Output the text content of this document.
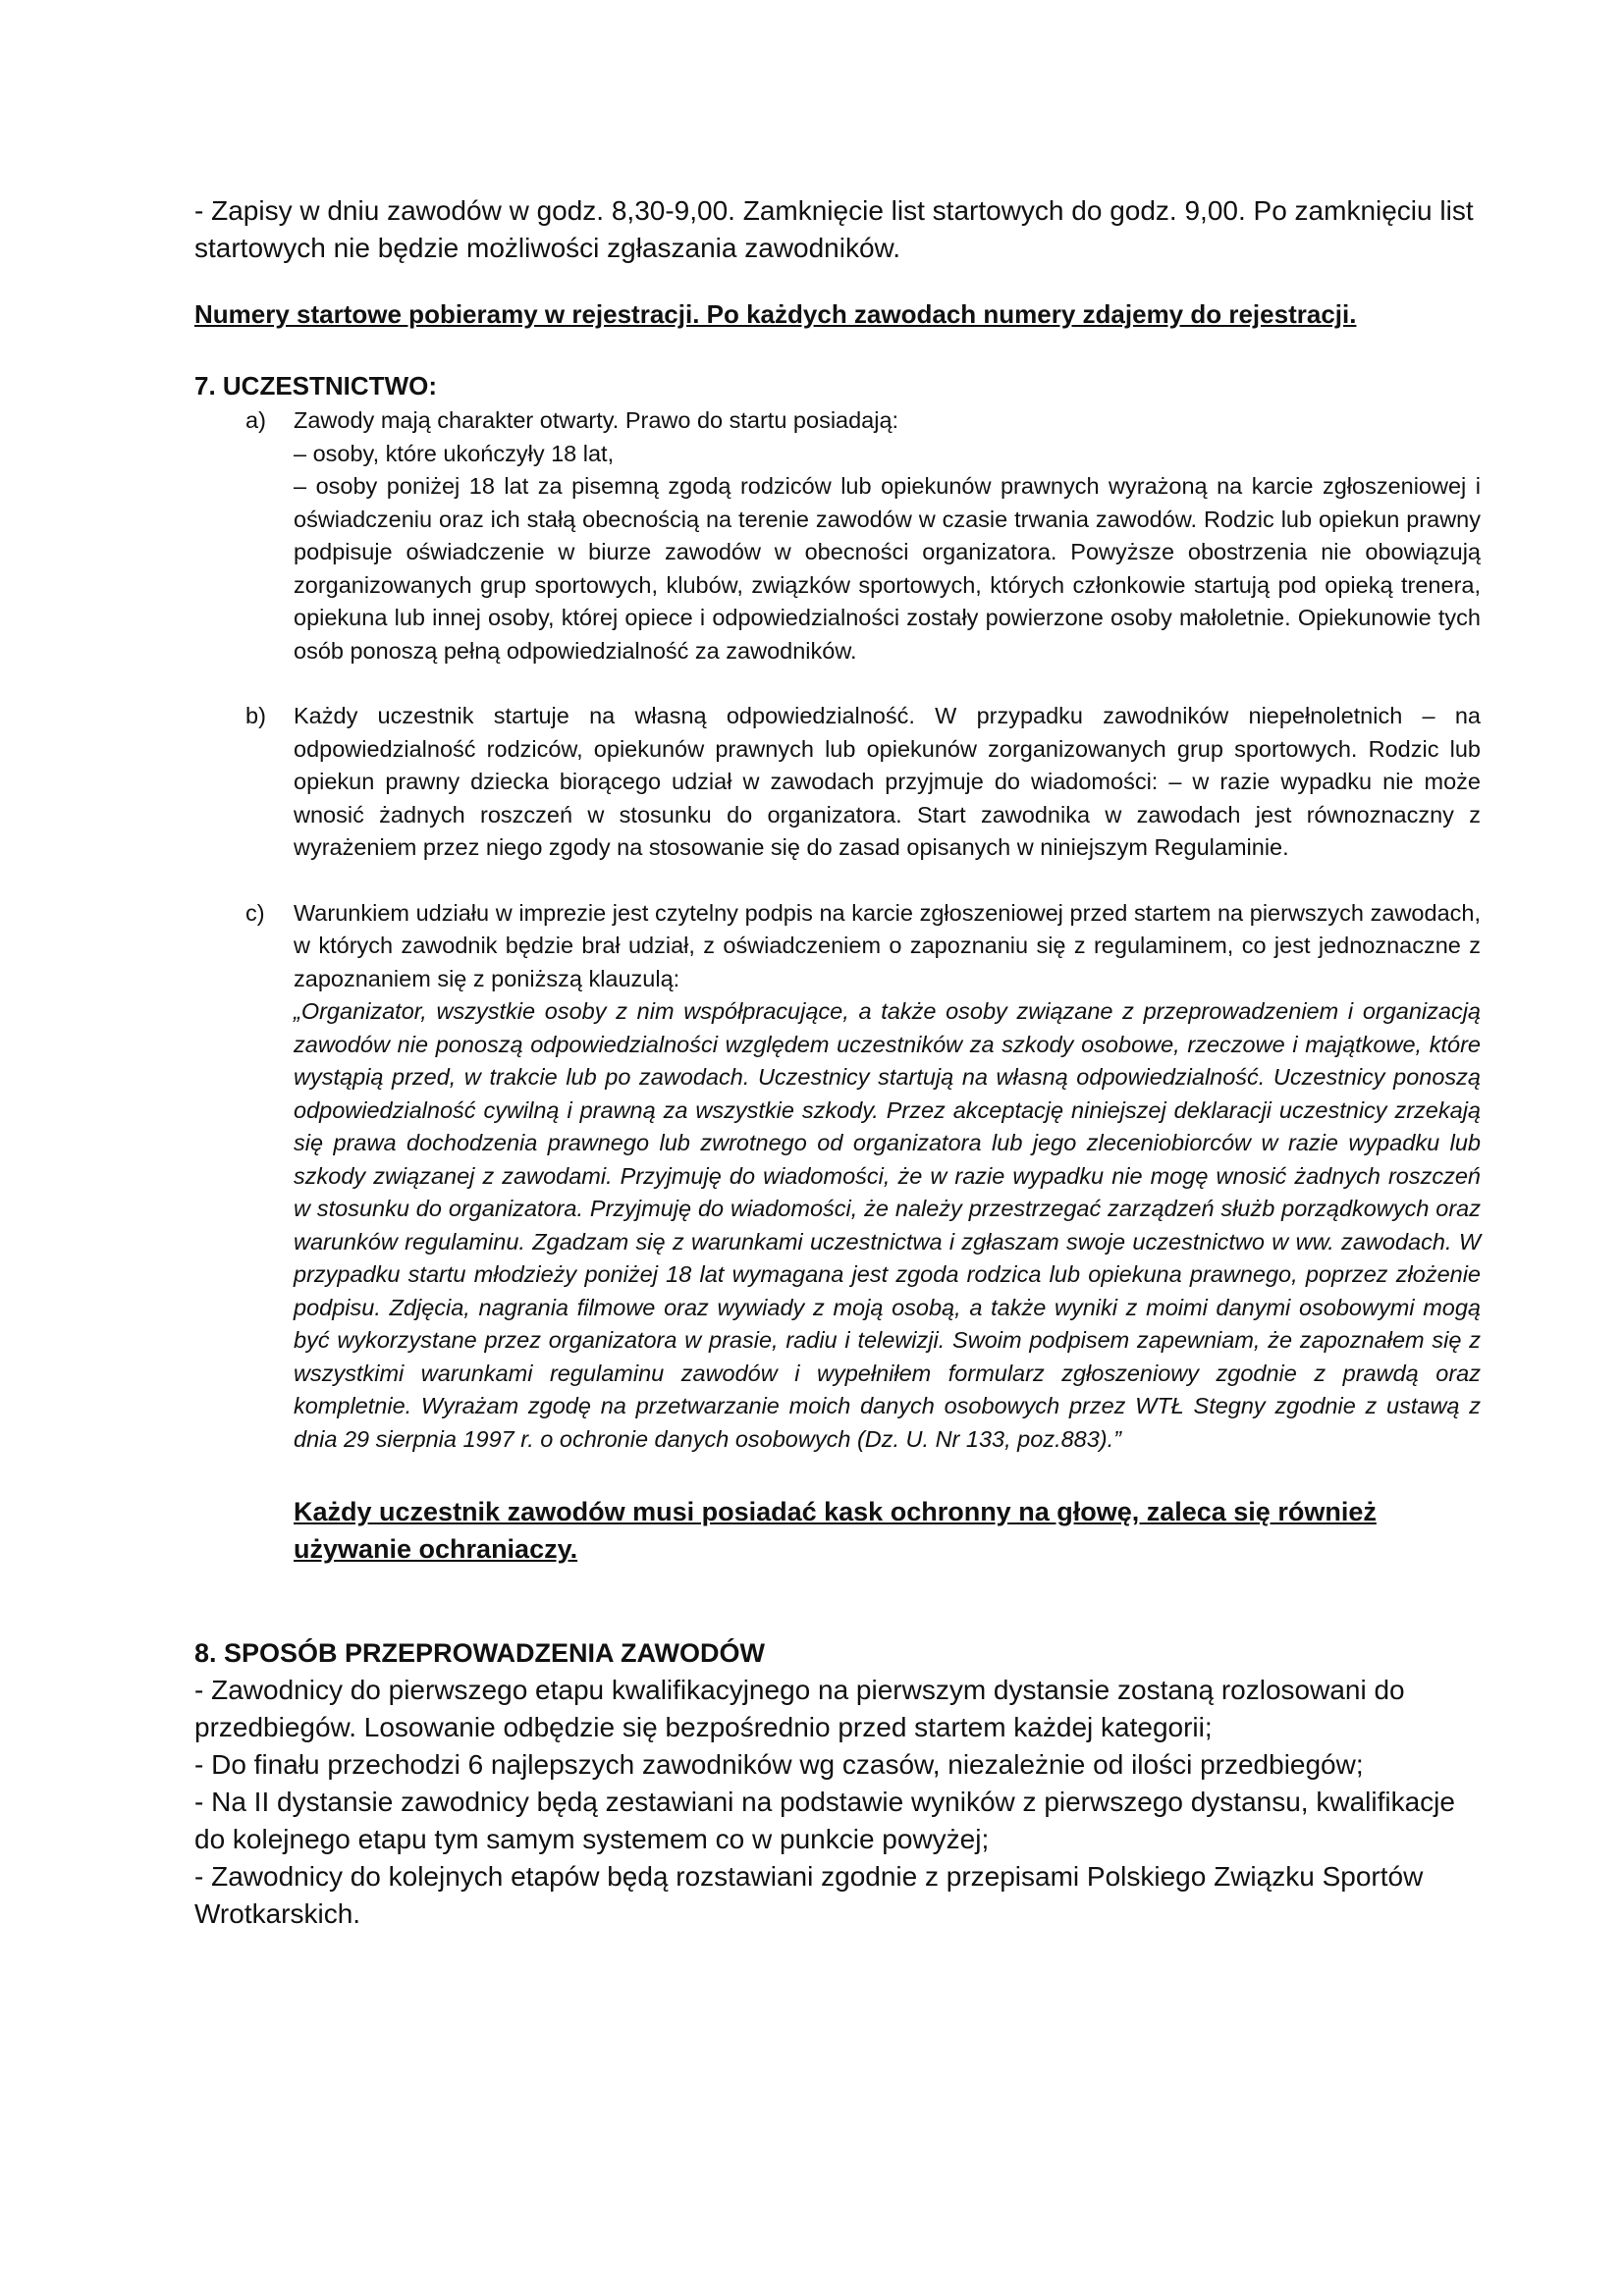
- Zapisy w dniu zawodów w godz. 8,30-9,00. Zamknięcie list startowych do godz. 9,00. Po zamknięciu list startowych nie będzie możliwości zgłaszania zawodników.

Numery startowe pobieramy w rejestracji. Po każdych zawodach numery zdajemy do rejestracji.

7. UCZESTNICTWO:

a) Zawody mają charakter otwarty. Prawo do startu posiadają:

– osoby, które ukończyły 18 lat,

– osoby poniżej 18 lat za pisemną zgodą rodziców lub opiekunów prawnych wyrażoną na karcie zgłoszeniowej i oświadczeniu oraz ich stałą obecnością na terenie zawodów w czasie trwania zawodów. Rodzic lub opiekun prawny podpisuje oświadczenie w biurze zawodów w obecności organizatora. Powyższe obostrzenia nie obowiązują zorganizowanych grup sportowych, klubów, związków sportowych, których członkowie startują pod opieką trenera, opiekuna lub innej osoby, której opiece i odpowiedzialności zostały powierzone osoby małoletnie. Opiekunowie tych osób ponoszą pełną odpowiedzialność za zawodników.

b) Każdy uczestnik startuje na własną odpowiedzialność. W przypadku zawodników niepełnoletnich – na odpowiedzialność rodziców, opiekunów prawnych lub opiekunów zorganizowanych grup sportowych. Rodzic lub opiekun prawny dziecka biorącego udział w zawodach przyjmuje do wiadomości: – w razie wypadku nie może wnosić żadnych roszczeń w stosunku do organizatora. Start zawodnika w zawodach jest równoznaczny z wyrażeniem przez niego zgody na stosowanie się do zasad opisanych w niniejszym Regulaminie.

c) Warunkiem udziału w imprezie jest czytelny podpis na karcie zgłoszeniowej przed startem na pierwszych zawodach, w których zawodnik będzie brał udział, z oświadczeniem o zapoznaniu się z regulaminem, co jest jednoznaczne z zapoznaniem się z poniższą klauzulą:

„Organizator, wszystkie osoby z nim współpracujące, a także osoby związane z przeprowadzeniem i organizacją zawodów nie ponoszą odpowiedzialności względem uczestników za szkody osobowe, rzeczowe i majątkowe, które wystąpią przed, w trakcie lub po zawodach. Uczestnicy startują na własną odpowiedzialność. Uczestnicy ponoszą odpowiedzialność cywilną i prawną za wszystkie szkody. Przez akceptację niniejszej deklaracji uczestnicy zrzekają się prawa dochodzenia prawnego lub zwrotnego od organizatora lub jego zleceniobiorców w razie wypadku lub szkody związanej z zawodami. Przyjmuję do wiadomości, że w razie wypadku nie mogę wnosić żadnych roszczeń w stosunku do organizatora. Przyjmuję do wiadomości, że należy przestrzegać zarządzeń służb porządkowych oraz warunków regulaminu. Zgadzam się z warunkami uczestnictwa i zgłaszam swoje uczestnictwo w ww. zawodach. W przypadku startu młodzieży poniżej 18 lat wymagana jest zgoda rodzica lub opiekuna prawnego, poprzez złożenie podpisu. Zdjęcia, nagrania filmowe oraz wywiady z moją osobą, a także wyniki z moimi danymi osobowymi mogą być wykorzystane przez organizatora w prasie, radiu i telewizji. Swoim podpisem zapewniam, że zapoznałem się z wszystkimi warunkami regulaminu zawodów i wypełniłem formularz zgłoszeniowy zgodnie z prawdą oraz kompletnie. Wyrażam zgodę na przetwarzanie moich danych osobowych przez WTŁ Stegny zgodnie z ustawą z dnia 29 sierpnia 1997 r. o ochronie danych osobowych (Dz. U. Nr 133, poz.883).”

Każdy uczestnik zawodów musi posiadać kask ochronny na głowę, zaleca się również używanie ochraniaczy.

8. SPOSÓB PRZEPROWADZENIA ZAWODÓW

- Zawodnicy do pierwszego etapu kwalifikacyjnego na pierwszym dystansie zostaną rozlosowani do przedbiegów. Losowanie odbędzie się bezpośrednio przed startem każdej kategorii;

- Do finału przechodzi 6 najlepszych zawodników wg czasów, niezależnie od ilości przedbiegów;

- Na II dystansie zawodnicy będą zestawiani na podstawie wyników z pierwszego dystansu, kwalifikacje do kolejnego etapu tym samym systemem co w punkcie powyżej;

- Zawodnicy do kolejnych etapów będą rozstawiani zgodnie z przepisami Polskiego Związku Sportów Wrotkarskich.
